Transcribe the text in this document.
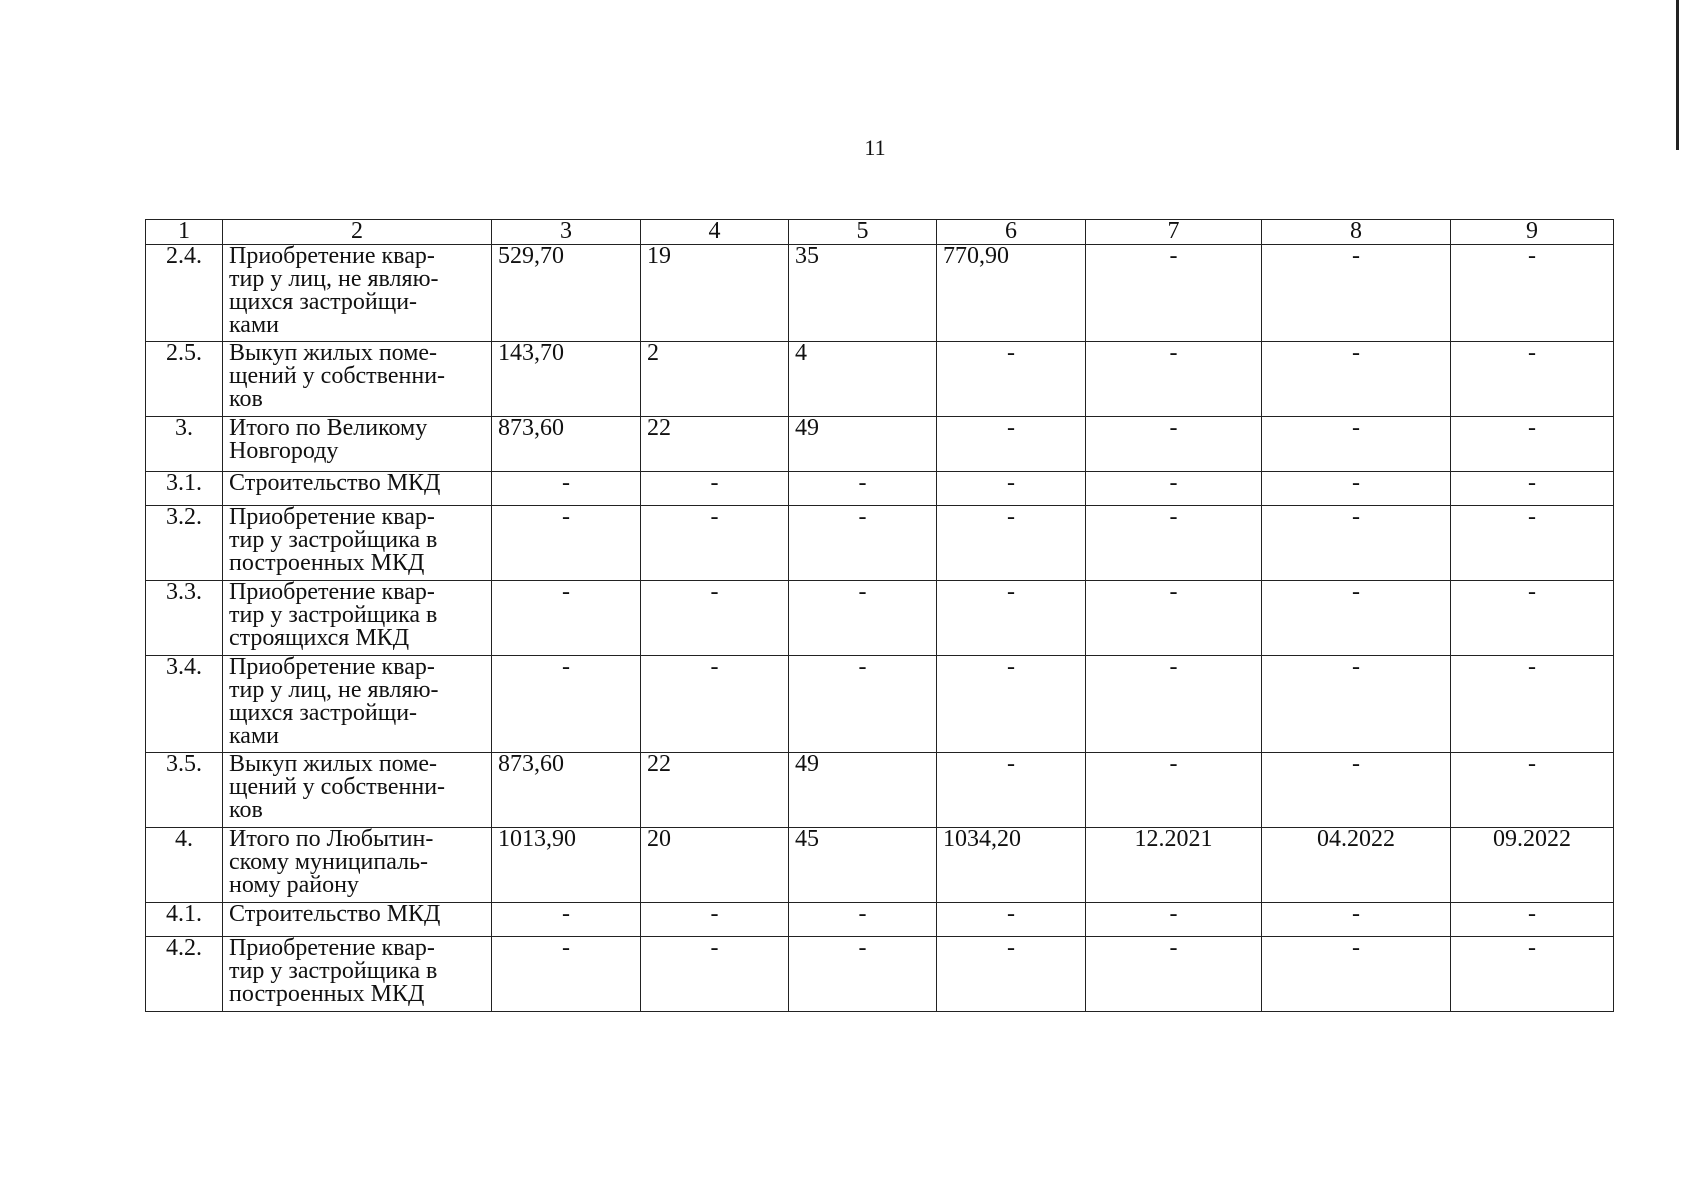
11
1	2	3	4	5	6	7	8	9
2.4.	Приобретение квар-
тир у лиц, не являю-
щихся застройщи-
ками	529,70	19	35	770,90	-	-	-
2.5.	Выкуп жилых поме-
щений у собственни-
ков	143,70	2	4	-	-	-	-
3.	Итого по Великому
Новгороду	873,60	22	49	-	-	-	-
3.1.	Строительство МКД	-	-	-	-	-	-	-
3.2.	Приобретение квар-
тир у застройщика в
построенных МКД	-	-	-	-	-	-	-
3.3.	Приобретение квар-
тир у застройщика в
строящихся МКД	-	-	-	-	-	-	-
3.4.	Приобретение квар-
тир у лиц, не являю-
щихся застройщи-
ками	-	-	-	-	-	-	-
3.5.	Выкуп жилых поме-
щений у собственни-
ков	873,60	22	49	-	-	-	-
4.	Итого по Любытин-
скому муниципаль-
ному району	1013,90	20	45	1034,20	12.2021	04.2022	09.2022
4.1.	Строительство МКД	-	-	-	-	-	-	-
4.2.	Приобретение квар-
тир у застройщика в
построенных МКД	-	-	-	-	-	-	-
